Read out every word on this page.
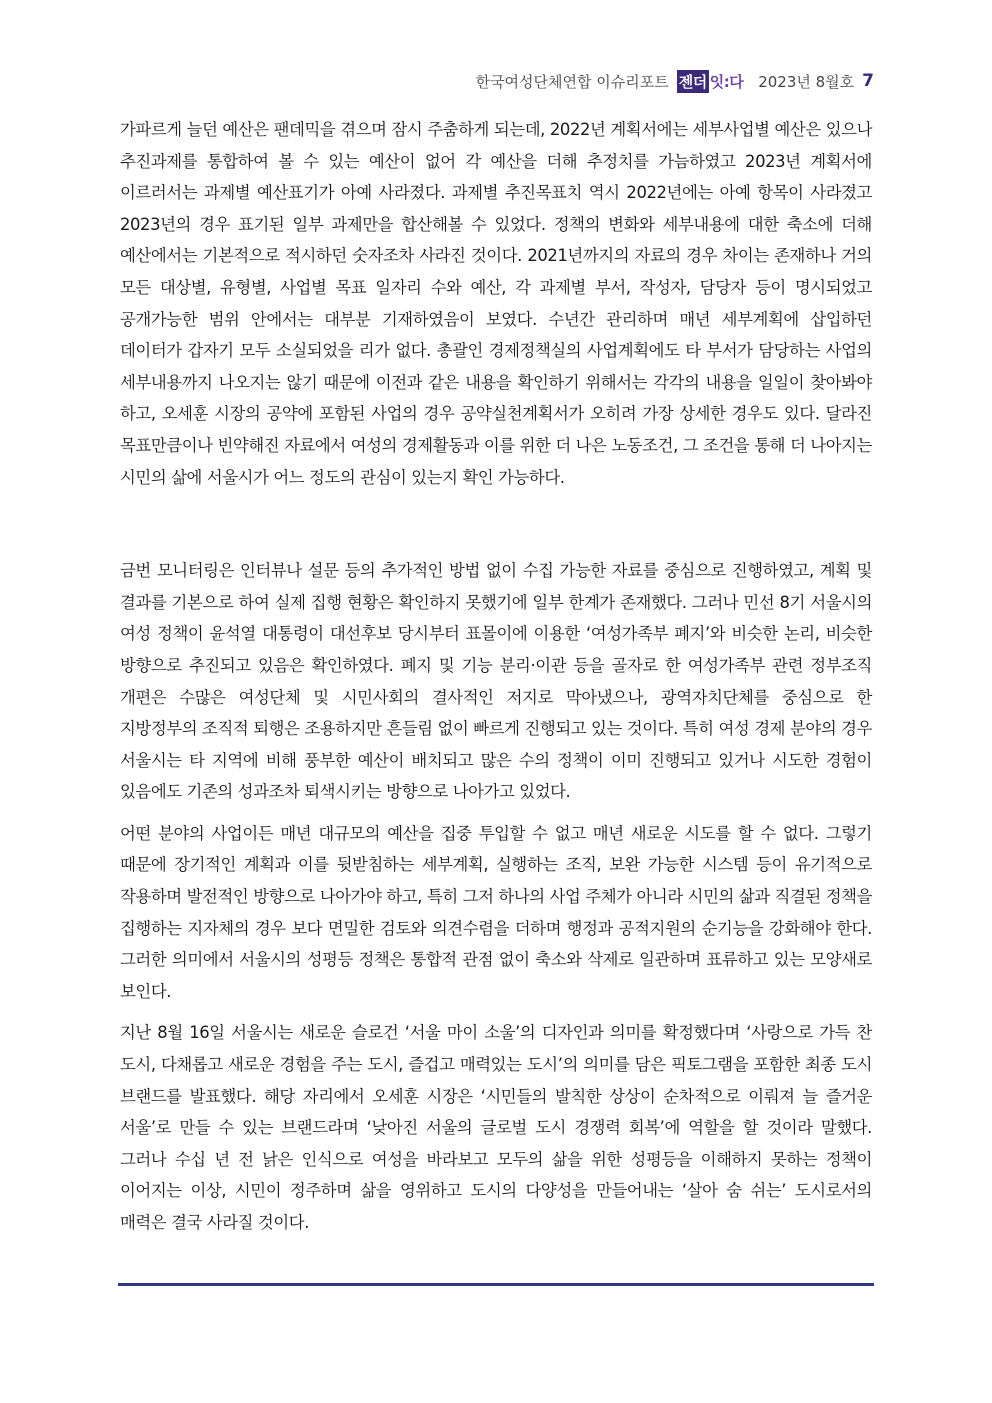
한국여성단체연합 이슈리포트 젠더 잇:다 2023년 8월호 7

가파르게 늘던 예산은 팬데믹을 겪으며 잠시 주춤하게 되는데, 2022년 계획서에는 세부사업별 예산은 있으나 추진과제를 통합하여 볼 수 있는 예산이 없어 각 예산을 더해 추정치를 가늠하였고 2023년 계획서에 이르러서는 과제별 예산표기가 아예 사라졌다. 과제별 추진목표치 역시 2022년에는 아예 항목이 사라졌고 2023년의 경우 표기된 일부 과제만을 합산해볼 수 있었다. 정책의 변화와 세부내용에 대한 축소에 더해 예산에서는 기본적으로 적시하던 숫자조차 사라진 것이다. 2021년까지의 자료의 경우 차이는 존재하나 거의 모든 대상별, 유형별, 사업별 목표 일자리 수와 예산, 각 과제별 부서, 작성자, 담당자 등이 명시되었고 공개가능한 범위 안에서는 대부분 기재하였음이 보였다. 수년간 관리하며 매년 세부계획에 삽입하던 데이터가 갑자기 모두 소실되었을 리가 없다. 총괄인 경제정책실의 사업계획에도 타 부서가 담당하는 사업의 세부내용까지 나오지는 않기 때문에 이전과 같은 내용을 확인하기 위해서는 각각의 내용을 일일이 찾아봐야 하고, 오세훈 시장의 공약에 포함된 사업의 경우 공약실천계획서가 오히려 가장 상세한 경우도 있다. 달라진 목표만큼이나 빈약해진 자료에서 여성의 경제활동과 이를 위한 더 나은 노동조건, 그 조건을 통해 더 나아지는 시민의 삶에 서울시가 어느 정도의 관심이 있는지 확인 가능하다.

금번 모니터링은 인터뷰나 설문 등의 추가적인 방법 없이 수집 가능한 자료를 중심으로 진행하였고, 계획 및 결과를 기본으로 하여 실제 집행 현황은 확인하지 못했기에 일부 한계가 존재했다. 그러나 민선 8기 서울시의 여성 정책이 윤석열 대통령이 대선후보 당시부터 표몰이에 이용한 ‘여성가족부 폐지’와 비슷한 논리, 비슷한 방향으로 추진되고 있음은 확인하였다. 폐지 및 기능 분리·이관 등을 골자로 한 여성가족부 관련 정부조직 개편은 수많은 여성단체 및 시민사회의 결사적인 저지로 막아냈으나, 광역자치단체를 중심으로 한 지방정부의 조직적 퇴행은 조용하지만 흔들림 없이 빠르게 진행되고 있는 것이다. 특히 여성 경제 분야의 경우 서울시는 타 지역에 비해 풍부한 예산이 배치되고 많은 수의 정책이 이미 진행되고 있거나 시도한 경험이 있음에도 기존의 성과조차 퇴색시키는 방향으로 나아가고 있었다.

어떤 분야의 사업이든 매년 대규모의 예산을 집중 투입할 수 없고 매년 새로운 시도를 할 수 없다. 그렇기 때문에 장기적인 계획과 이를 뒷받침하는 세부계획, 실행하는 조직, 보완 가능한 시스템 등이 유기적으로 작용하며 발전적인 방향으로 나아가야 하고, 특히 그저 하나의 사업 주체가 아니라 시민의 삶과 직결된 정책을 집행하는 지자체의 경우 보다 면밀한 검토와 의견수렴을 더하며 행정과 공적지원의 순기능을 강화해야 한다. 그러한 의미에서 서울시의 성평등 정책은 통합적 관점 없이 축소와 삭제로 일관하며 표류하고 있는 모양새로 보인다.

지난 8월 16일 서울시는 새로운 슬로건 ‘서울 마이 소울’의 디자인과 의미를 확정했다며 ‘사랑으로 가득 찬 도시, 다채롭고 새로운 경험을 주는 도시, 즐겁고 매력있는 도시’의 의미를 담은 픽토그램을 포함한 최종 도시 브랜드를 발표했다. 해당 자리에서 오세훈 시장은 ‘시민들의 발칙한 상상이 순차적으로 이뤄져 늘 즐거운 서울’로 만들 수 있는 브랜드라며 ‘낮아진 서울의 글로벌 도시 경쟁력 회복’에 역할을 할 것이라 말했다. 그러나 수십 년 전 낡은 인식으로 여성을 바라보고 모두의 삶을 위한 성평등을 이해하지 못하는 정책이 이어지는 이상, 시민이 정주하며 삶을 영위하고 도시의 다양성을 만들어내는 ‘살아 숨 쉬는’ 도시로서의 매력은 결국 사라질 것이다.
